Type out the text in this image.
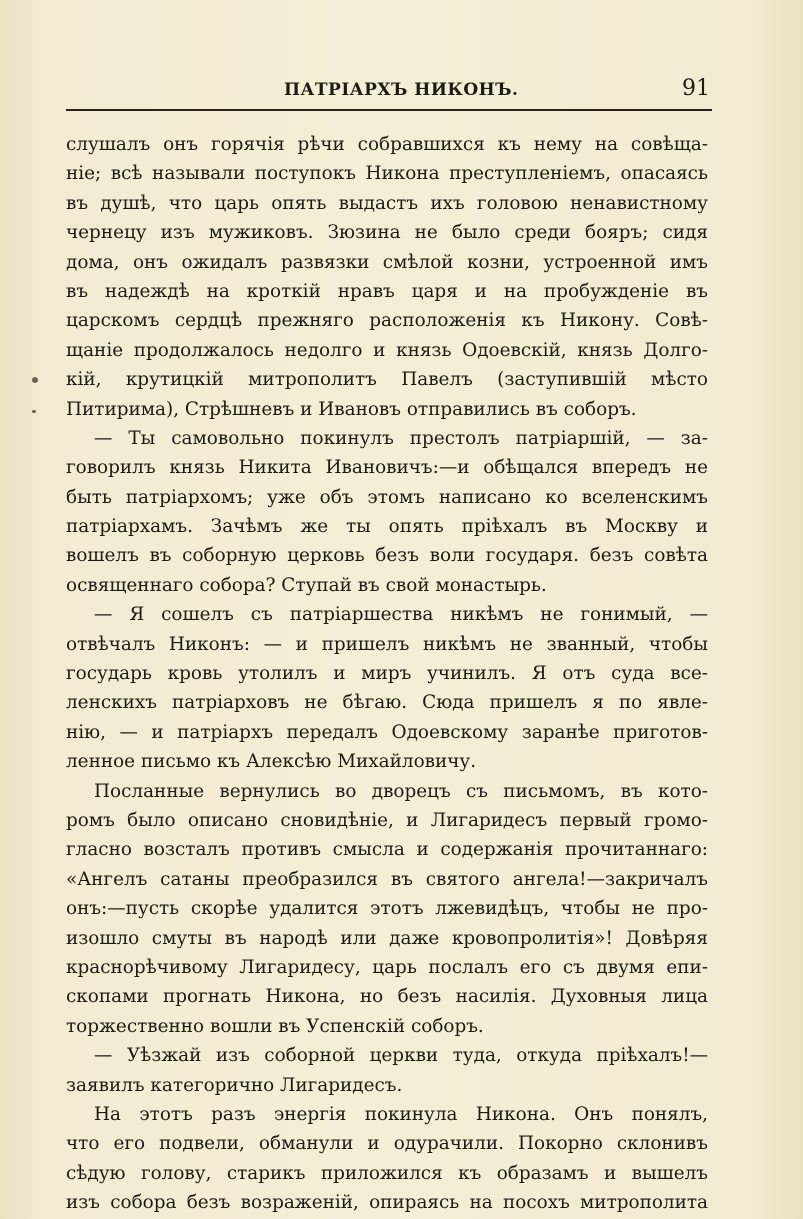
ПАТРІАРХЪ НИКОНЪ.	91
слушалъ онъ горячія рѣчи собравшихся къ нему на совѣща-
ніе; всѣ называли поступокъ Никона преступленіемъ, опасаясь
въ душѣ, что царь опять выдастъ ихъ головою ненавистному
чернецу изъ мужиковъ. Зюзина не было среди бояръ; сидя
дома, онъ ожидалъ развязки смѣлой козни, устроенной имъ
въ надеждѣ на кроткій нравъ царя и на пробужденіе въ
царскомъ сердцѣ прежняго расположенія къ Никону. Совѣ-
щаніе продолжалось недолго и князь Одоевскій, князь Долго-
кій, крутицкій митрополитъ Павелъ (заступившій мѣсто
Питирима), Стрѣшневъ и Ивановъ отправились въ соборъ.
— Ты самовольно покинулъ престолъ патріаршій, — за-
говорилъ князь Никита Ивановичъ:—и обѣщался впередъ не
быть патріархомъ; уже объ этомъ написано ко вселенскимъ
патріархамъ. Зачѣмъ же ты опять пріѣхалъ въ Москву и
вошелъ въ соборную церковь безъ воли государя. безъ совѣта
освященнаго собора? Ступай въ свой монастырь.
— Я сошелъ съ патріаршества никѣмъ не гонимый, —
отвѣчалъ Никонъ: — и пришелъ никѣмъ не званный, чтобы
государь кровь утолилъ и миръ учинилъ. Я отъ суда все-
ленскихъ патріарховъ не бѣгаю. Сюда пришелъ я по явле-
нію, — и патріархъ передалъ Одоевскому заранѣе приготов-
ленное письмо къ Алексѣю Михайловичу.
Посланные вернулись во дворецъ съ письмомъ, въ кото-
ромъ было описано сновидѣніе, и Лигаридесъ первый громо-
гласно возсталъ противъ смысла и содержанія прочитаннаго:
«Ангелъ сатаны преобразился въ святого ангела!—закричалъ
онъ:—пусть скорѣе удалится этотъ лжевидѣцъ, чтобы не про-
изошло смуты въ народѣ или даже кровопролитія»! Довѣряя
краснорѣчивому Лигаридесу, царь послалъ его съ двумя епи-
скопами прогнать Никона, но безъ насилія. Духовныя лица
торжественно вошли въ Успенскій соборъ.
— Уѣзжай изъ соборной церкви туда, откуда пріѣхалъ!—
заявилъ категорично Лигаридесъ.
На этотъ разъ энергія покинула Никона. Онъ понялъ,
что его подвели, обманули и одурачили. Покорно склонивъ
сѣдую голову, старикъ приложился къ образамъ и вышелъ
изъ собора безъ возраженій, опираясь на посохъ митрополита
